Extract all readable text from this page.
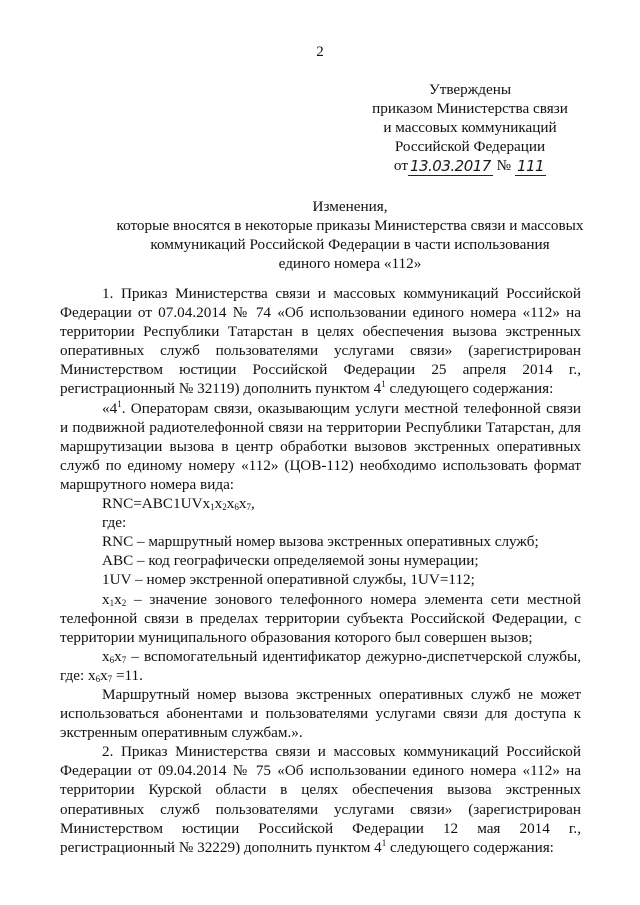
2
Утверждены
приказом Министерства связи
и массовых коммуникаций
Российской Федерации
от 13.03.2017 № 111
Изменения,
которые вносятся в некоторые приказы Министерства связи и массовых
коммуникаций Российской Федерации в части использования
единого номера «112»
1. Приказ Министерства связи и массовых коммуникаций Российской Федерации от 07.04.2014 № 74 «Об использовании единого номера «112» на территории Республики Татарстан в целях обеспечения вызова экстренных оперативных служб пользователями услугами связи» (зарегистрирован Министерством юстиции Российской Федерации 25 апреля 2014 г., регистрационный № 32119) дополнить пунктом $4^1$ следующего содержания:
«$4^1$. Операторам связи, оказывающим услуги местной телефонной связи и подвижной радиотелефонной связи на территории Республики Татарстан, для маршрутизации вызова в центр обработки вызовов экстренных оперативных служб по единому номеру «112» (ЦОВ-112) необходимо использовать формат маршрутного номера вида:
$RNC=ABC1UVx_1x_2x_6x_7$,
где:
RNC – маршрутный номер вызова экстренных оперативных служб;
АВС – код географически определяемой зоны нумерации;
1UV – номер экстренной оперативной службы, 1UV=112;
$x_1x_2$ – значение зонового телефонного номера элемента сети местной телефонной связи в пределах территории субъекта Российской Федерации, с территории муниципального образования которого был совершен вызов;
$x_6x_7$ – вспомогательный идентификатор дежурно-диспетчерской службы, где: $x_6x_7 =11$.
Маршрутный номер вызова экстренных оперативных служб не может использоваться абонентами и пользователями услугами связи для доступа к экстренным оперативным службам.».
2. Приказ Министерства связи и массовых коммуникаций Российской Федерации от 09.04.2014 № 75 «Об использовании единого номера «112» на территории Курской области в целях обеспечения вызова экстренных оперативных служб пользователями услугами связи» (зарегистрирован Министерством юстиции Российской Федерации 12 мая 2014 г., регистрационный № 32229) дополнить пунктом $4^1$ следующего содержания:
